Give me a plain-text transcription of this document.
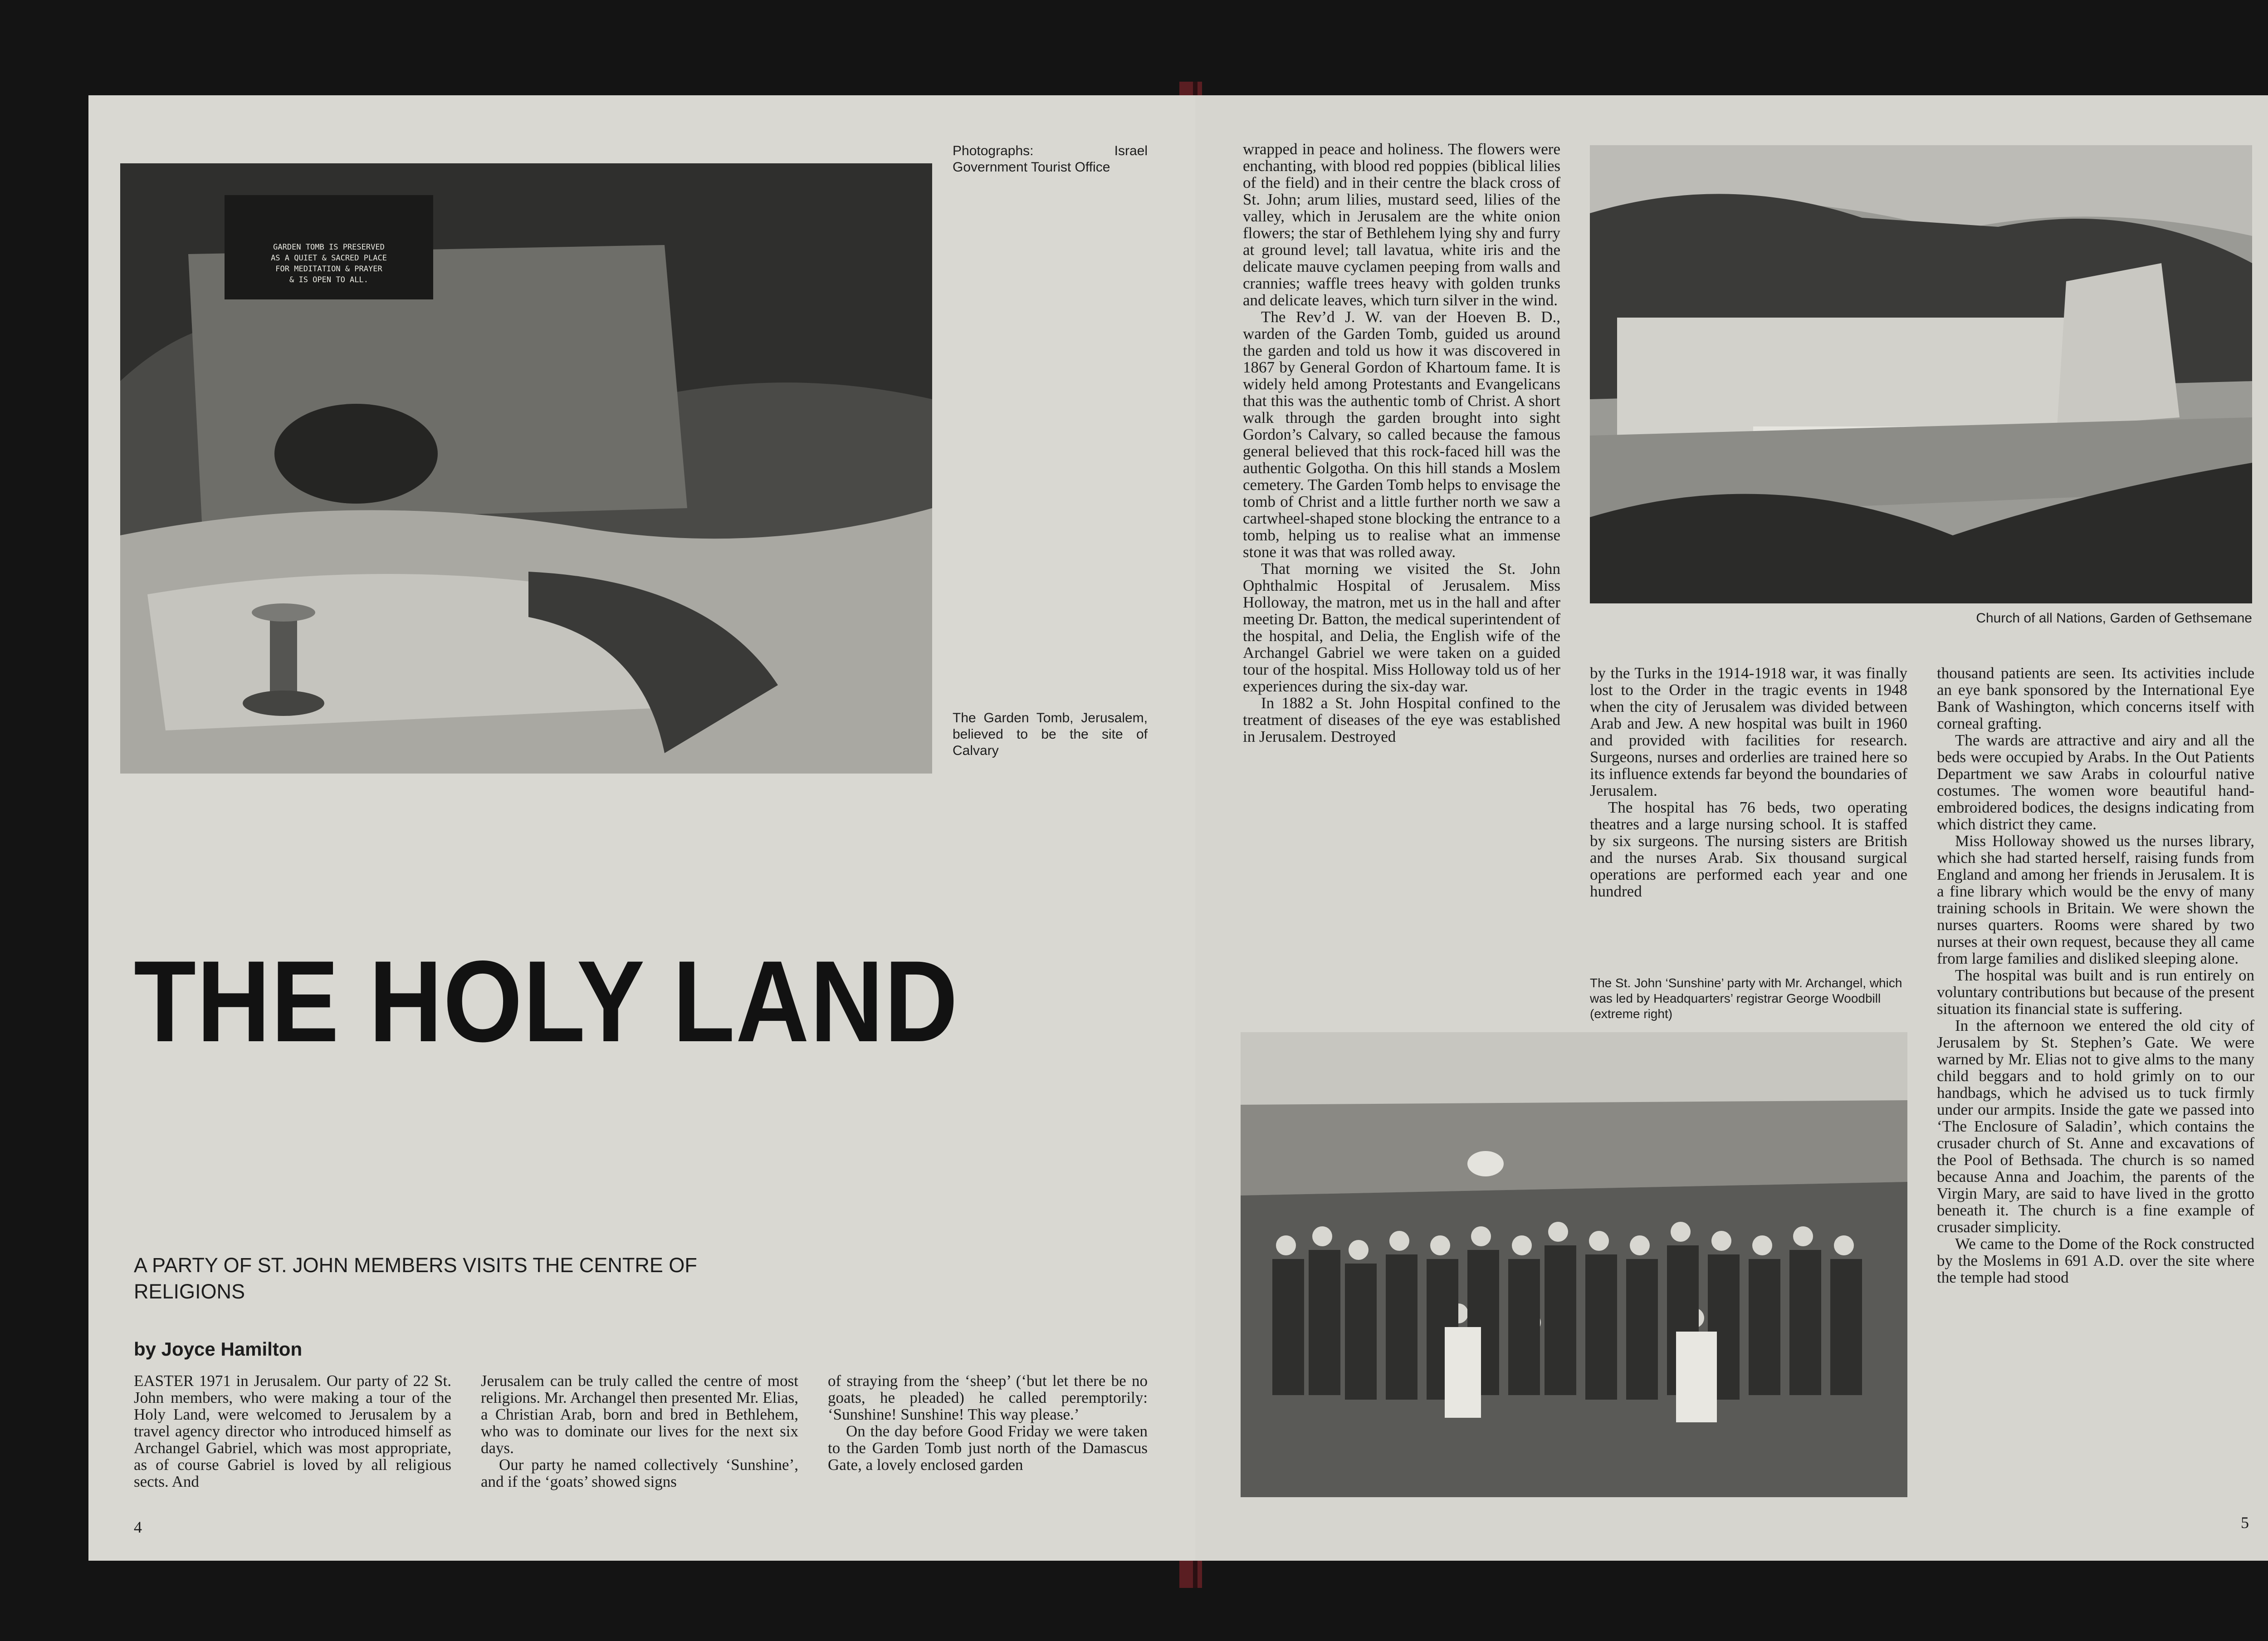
GARDEN TOMB IS PRESERVED
AS A QUIET & SACRED PLACE
FOR MEDITATION & PRAYER
& IS OPEN TO ALL.
Photographs: Israel Government Tourist Office
The Garden Tomb, Jerusalem, believed to be the site of Calvary
THE HOLY LAND
A PARTY OF ST. JOHN MEMBERS VISITS THE CENTRE OF RELIGIONS
by Joyce Hamilton

EASTER 1971 in Jerusalem. Our party of 22 St. John members, who were making a tour of the Holy Land, were welcomed to Jerusalem by a travel agency director who introduced himself as Archangel Gabriel, which was most appropriate, as of course Gabriel is loved by all religious sects. And

Jerusalem can be truly called the centre of most religions. Mr. Archangel then presented Mr. Elias, a Christian Arab, born and bred in Bethlehem, who was to dominate our lives for the next six days.

Our party he named collectively ‘Sunshine’, and if the ‘goats’ showed signs

of straying from the ‘sheep’ (‘but let there be no goats, he pleaded) he called peremptorily: ‘Sunshine! Sunshine! This way please.’

On the day before Good Friday we were taken to the Garden Tomb just north of the Damascus Gate, a lovely enclosed garden

4

wrapped in peace and holiness. The flowers were enchanting, with blood red poppies (biblical lilies of the field) and in their centre the black cross of St. John; arum lilies, mustard seed, lilies of the valley, which in Jerusalem are the white onion flowers; the star of Bethlehem lying shy and furry at ground level; tall lavatua, white iris and the delicate mauve cyclamen peeping from walls and crannies; waffle trees heavy with golden trunks and delicate leaves, which turn silver in the wind.

The Rev’d J. W. van der Hoeven B. D., warden of the Garden Tomb, guided us around the garden and told us how it was discovered in 1867 by General Gordon of Khartoum fame. It is widely held among Protestants and Evangelicans that this was the authentic tomb of Christ. A short walk through the garden brought into sight Gordon’s Calvary, so called because the famous general believed that this rock-faced hill was the authentic Golgotha. On this hill stands a Moslem cemetery. The Garden Tomb helps to envisage the tomb of Christ and a little further north we saw a cartwheel-shaped stone blocking the entrance to a tomb, helping us to realise what an immense stone it was that was rolled away.

That morning we visited the St. John Ophthalmic Hospital of Jerusalem. Miss Holloway, the matron, met us in the hall and after meeting Dr. Batton, the medical superintendent of the hospital, and Delia, the English wife of the Archangel Gabriel we were taken on a guided tour of the hospital. Miss Holloway told us of her experiences during the six-day war.

In 1882 a St. John Hospital confined to the treatment of diseases of the eye was established in Jerusalem. Destroyed

Church of all Nations, Garden of Gethsemane

by the Turks in the 1914-1918 war, it was finally lost to the Order in the tragic events in 1948 when the city of Jerusalem was divided between Arab and Jew. A new hospital was built in 1960 and provided with facilities for research. Surgeons, nurses and orderlies are trained here so its influence extends far beyond the boundaries of Jerusalem.

The hospital has 76 beds, two operating theatres and a large nursing school. It is staffed by six surgeons. The nursing sisters are British and the nurses Arab. Six thousand surgical operations are performed each year and one hundred

The St. John ‘Sunshine’ party with Mr. Archangel, which was led by Headquarters’ registrar George Woodbill (extreme right)

thousand patients are seen. Its activities include an eye bank sponsored by the International Eye Bank of Washington, which concerns itself with corneal grafting.

The wards are attractive and airy and all the beds were occupied by Arabs. In the Out Patients Department we saw Arabs in colourful native costumes. The women wore beautiful hand-embroidered bodices, the designs indicating from which district they came.

Miss Holloway showed us the nurses library, which she had started herself, raising funds from England and among her friends in Jerusalem. It is a fine library which would be the envy of many training schools in Britain. We were shown the nurses quarters. Rooms were shared by two nurses at their own request, because they all came from large families and disliked sleeping alone.

The hospital was built and is run entirely on voluntary contributions but because of the present situation its financial state is suffering.

In the afternoon we entered the old city of Jerusalem by St. Stephen’s Gate. We were warned by Mr. Elias not to give alms to the many child beggars and to hold grimly on to our handbags, which he advised us to tuck firmly under our armpits. Inside the gate we passed into ‘The Enclosure of Saladin’, which contains the crusader church of St. Anne and excavations of the Pool of Bethsada. The church is so named because Anna and Joachim, the parents of the Virgin Mary, are said to have lived in the grotto beneath it. The church is a fine example of crusader simplicity.

We came to the Dome of the Rock constructed by the Moslems in 691 A.D. over the site where the temple had stood

5
